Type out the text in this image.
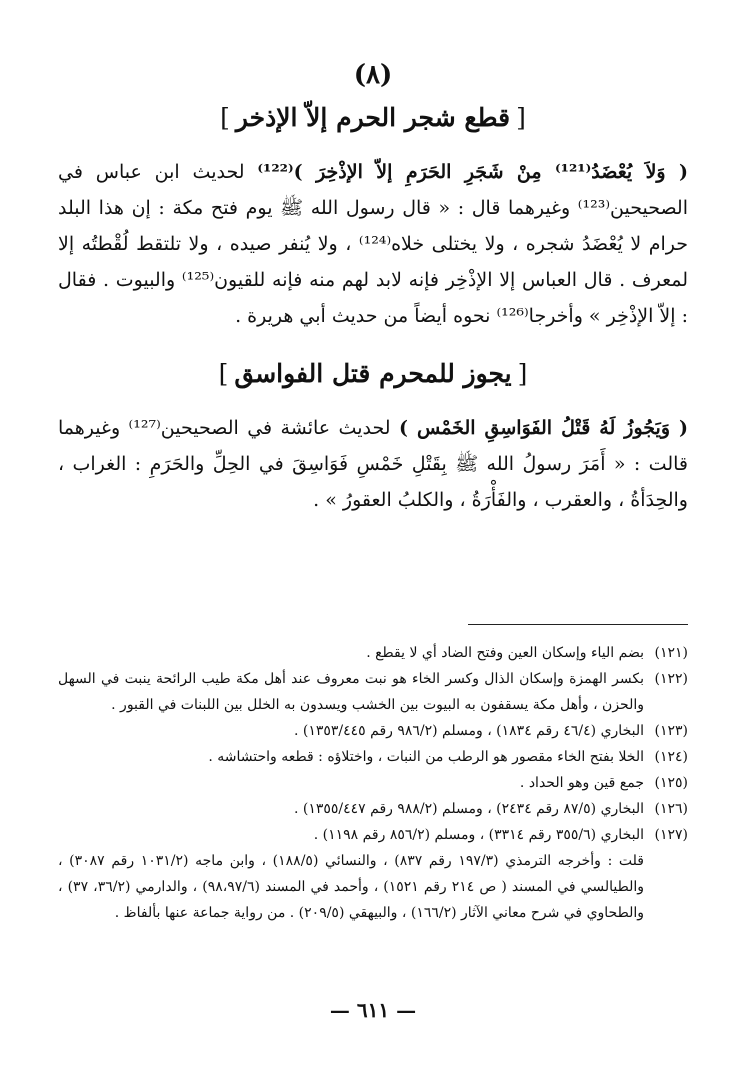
(٨)
[قطع شجر الحرم إلاّ الإذخر]

( وَلاَ يُعْضَدُ⁽¹²¹⁾ مِنْ شَجَرِ الحَرَمِ إلاّ الإذْخِرَ )⁽¹²²⁾ لحديث ابن عباس في الصحيحين⁽¹²³⁾ وغيرهما قال : « قال رسول الله ﷺ يوم فتح مكة : إن هذا البلد حرام لا يُعْضَدُ شجره ، ولا يختلى خلاه⁽¹²⁴⁾ ، ولا يُنفر صيده ، ولا تلتقط لُقْطتُه إلا لمعرف . قال العباس إلا الإذْخِر فإنه لابد لهم منه فإنه للقيون⁽¹²⁵⁾ والبيوت . فقال : إلاّ الإذْخِر » وأخرجا⁽¹²⁶⁾ نحوه أيضاً من حديث أبي هريرة .

[يجوز للمحرم قتل الفواسق]

( وَيَجُوزُ لَهُ قَتْلُ الفَوَاسِقِ الخَمْس ) لحديث عائشة في الصحيحين⁽¹²⁷⁾ وغيرهما قالت : « أَمَرَ رسولُ الله ﷺ بِقَتْلِ خَمْسِ فَوَاسِقَ في الحِلِّ والحَرَمِ : الغراب ، والحِدَأةُ ، والعقرب ، والفَأْرَةُ ، والكلبُ العقورُ » .

(١٢١)
بضم الياء وإسكان العين وفتح الضاد أي لا يقطع .
(١٢٢)
بكسر الهمزة وإسكان الذال وكسر الخاء هو نبت معروف عند أهل مكة طيب الرائحة ينبت في السهل والحزن ، وأهل مكة يسقفون به البيوت بين الخشب ويسدون به الخلل بين اللبنات في القبور .
(١٢٣)
البخاري (٤٦/٤ رقم ١٨٣٤) ، ومسلم (٩٨٦/٢ رقم ١٣٥٣/٤٤٥) .
(١٢٤)
الخلا بفتح الخاء مقصور هو الرطب من النبات ، واختلاؤه : قطعه واحتشاشه .
(١٢٥)
جمع قين وهو الحداد .
(١٢٦)
البخاري (٨٧/٥ رقم ٢٤٣٤) ، ومسلم (٩٨٨/٢ رقم ١٣٥٥/٤٤٧) .
(١٢٧)
البخاري (٣٥٥/٦ رقم ٣٣١٤) ، ومسلم (٨٥٦/٢ رقم ١١٩٨) .

قلت : وأخرجه الترمذي (١٩٧/٣ رقم ٨٣٧) ، والنسائي (١٨٨/٥) ، وابن ماجه (١٠٣١/٢ رقم ٣٠٨٧) ، والطيالسي في المسند ( ص ٢١٤ رقم ١٥٢١) ، وأحمد في المسند (٩٨،٩٧/٦) ، والدارمي (٣٦/٢، ٣٧) ، والطحاوي في شرح معاني الآثار (١٦٦/٢) ، والبيهقي (٢٠٩/٥) . من رواية جماعة عنها بألفاظ .

— ٦١١ —
